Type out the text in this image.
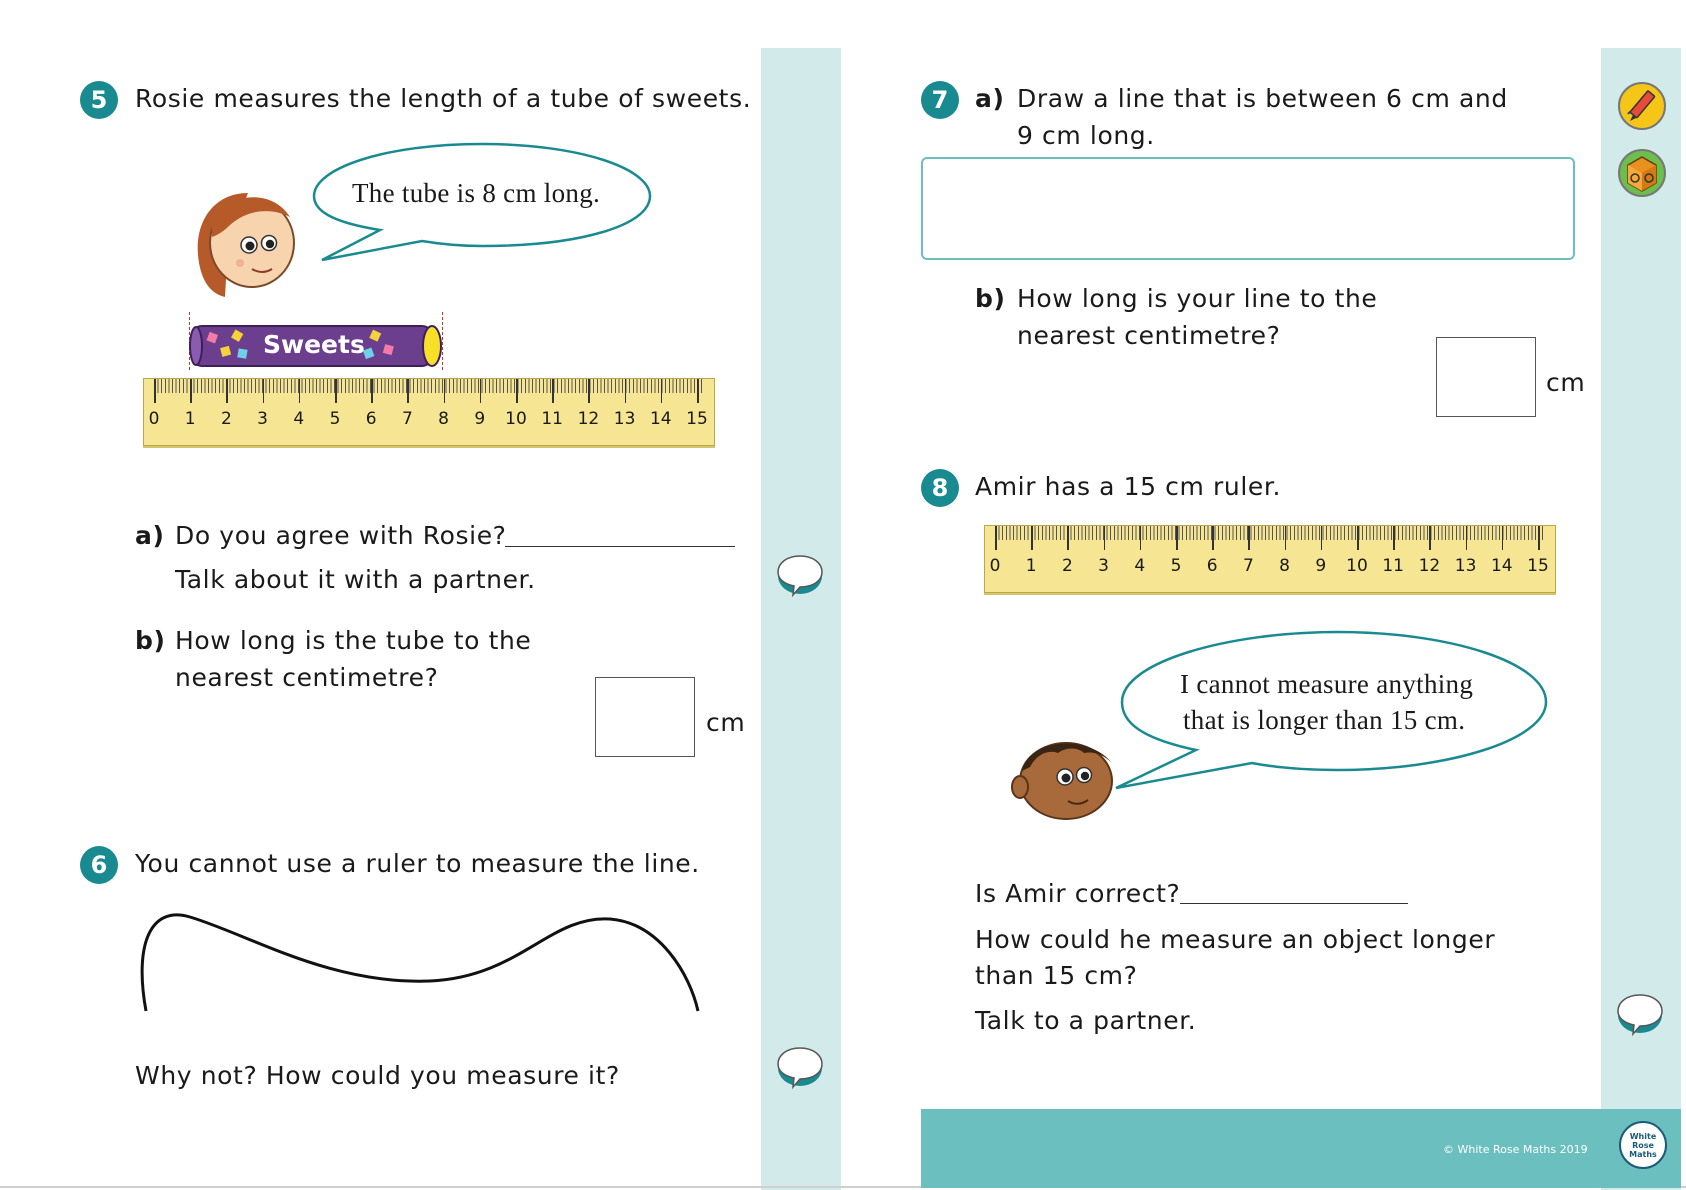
5	Rosie measures the length of a tube of sweets.
The tube is 8 cm long.
Sweets
0	1	2	3	4	5	6	7	8	9	10 11 12 13 14 15
a) Do you agree with Rosie?
Talk about it with a partner.
b) How long is the tube to the
nearest centimetre?
cm
6	You cannot use a ruler to measure the line.
Why not? How could you measure it?
7	a) Draw a line that is between 6 cm and
9 cm long.
b) How long is your line to the
nearest centimetre?
cm
8	Amir has a 15 cm ruler.
0	1	2	3	4	5	6	7	8	9	10 11 12 13 14 15
I cannot measure anything
that is longer than 15 cm.
Is Amir correct?
How could he measure an object longer
than 15 cm?
Talk to a partner.
© White Rose Maths 2019
White
Rose
Maths
